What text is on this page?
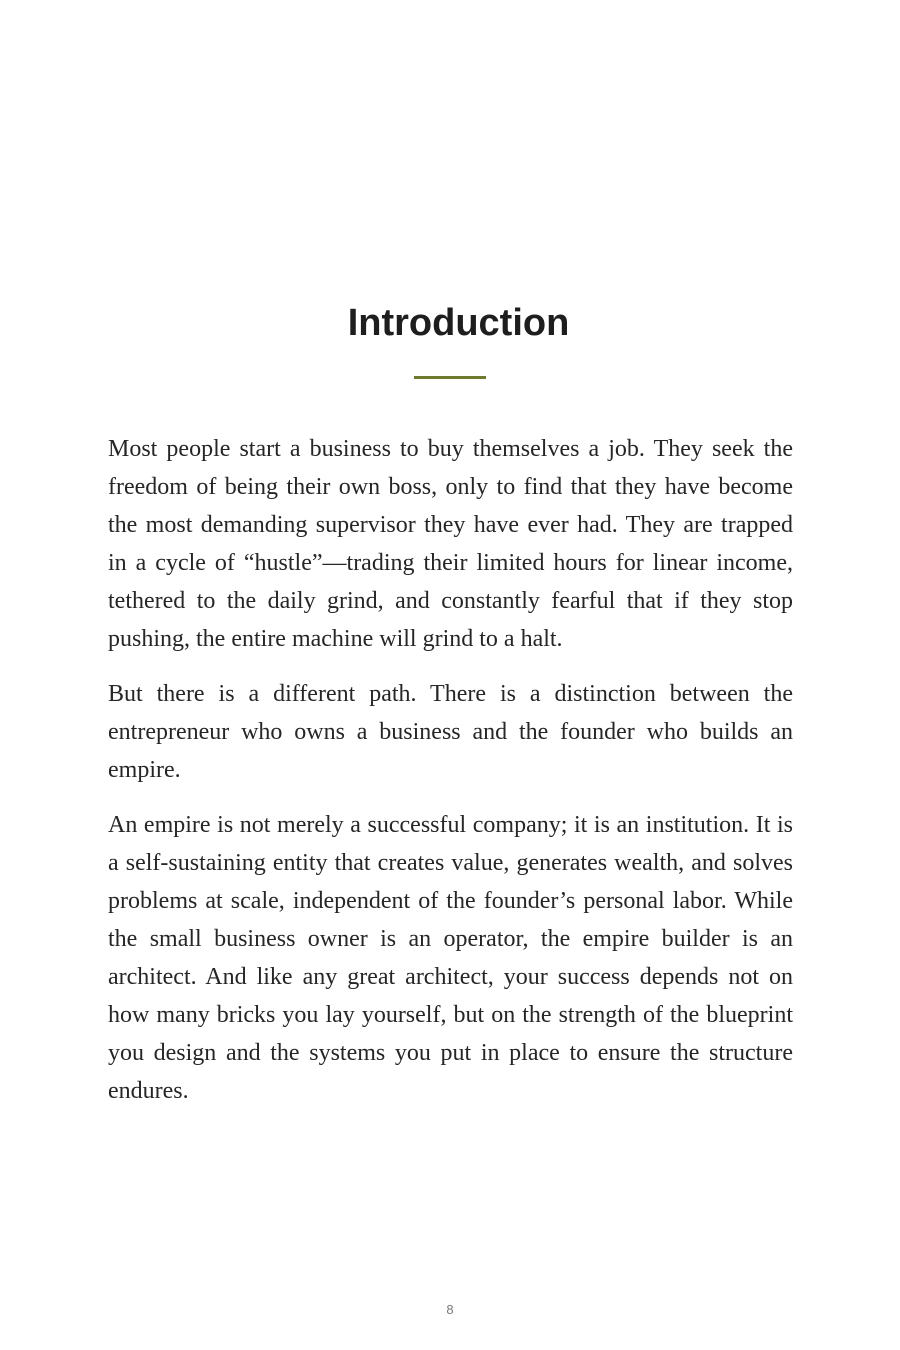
Introduction

Most people start a business to buy themselves a job. They seek the freedom of being their own boss, only to find that they have become the most demanding supervisor they have ever had. They are trapped in a cycle of “hustle”—trading their limited hours for linear income, tethered to the daily grind, and constantly fearful that if they stop pushing, the entire machine will grind to a halt.

But there is a different path. There is a distinction between the entrepreneur who owns a business and the founder who builds an empire.

An empire is not merely a successful company; it is an institution. It is a self-sustaining entity that creates value, generates wealth, and solves problems at scale, independent of the founder’s personal labor. While the small business owner is an operator, the empire builder is an architect. And like any great architect, your success depends not on how many bricks you lay yourself, but on the strength of the blueprint you design and the systems you put in place to ensure the structure endures.

8
